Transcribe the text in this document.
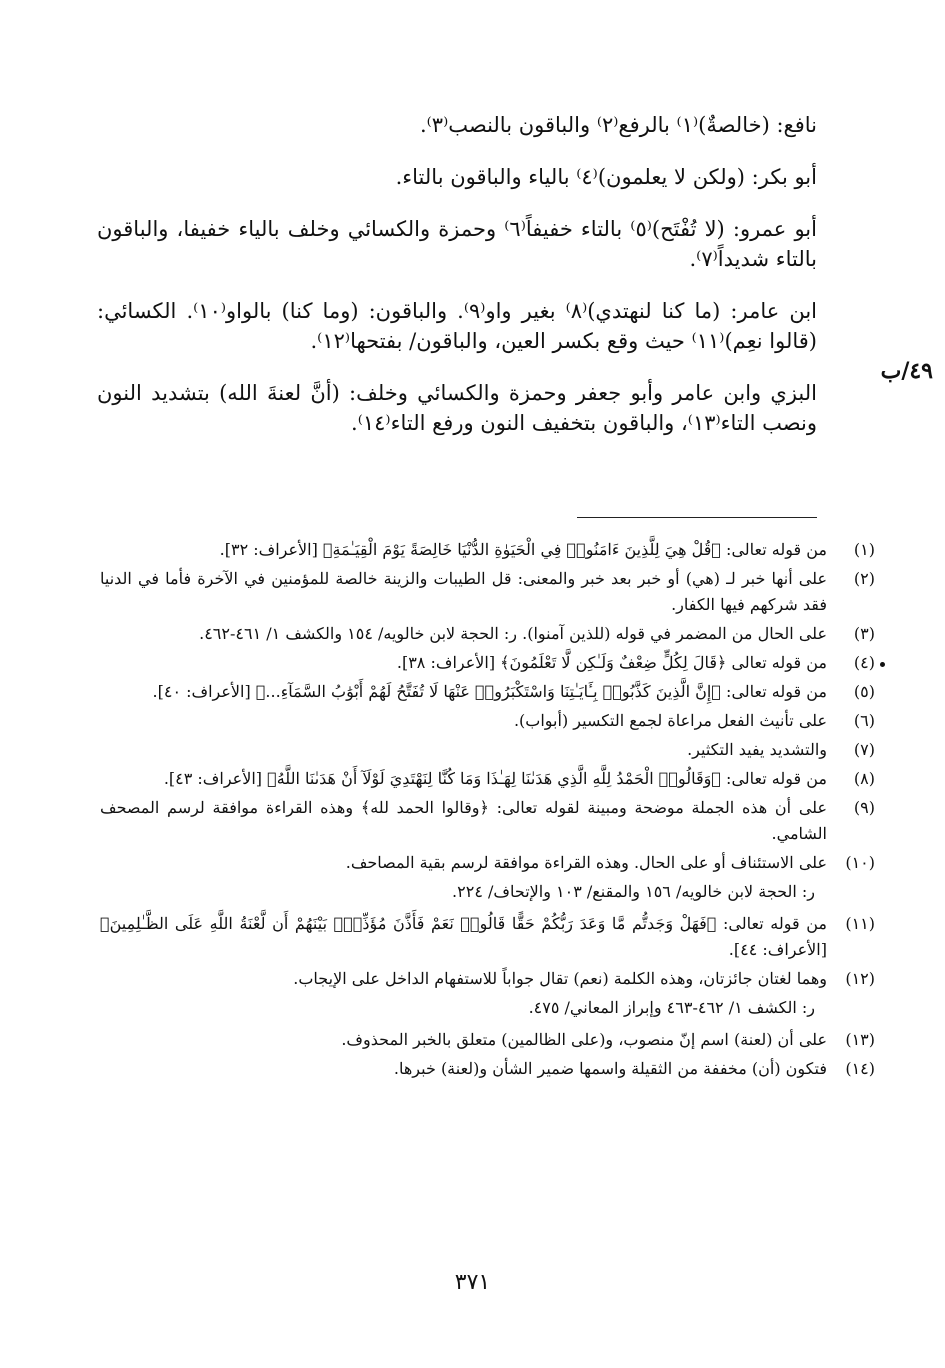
نافع: (خالصةٌ)⁽١⁾ بالرفع⁽٢⁾ والباقون بالنصب⁽٣⁾.

أبو بكر: (ولكن لا يعلمون)⁽٤⁾ بالياء والباقون بالتاء.

أبو عمرو: (لا تُفْتَح)⁽٥⁾ بالتاء خفيفاً⁽٦⁾ وحمزة والكسائي وخلف بالياء خفيفا، والباقون بالتاء شديداً⁽٧⁾.

ابن عامر: (ما كنا لنهتدي)⁽٨⁾ بغير واو⁽٩⁾. والباقون: (وما كنا) بالواو⁽١٠⁾. الكسائي: (قالوا نعِم)⁽١١⁾ حيث وقع بكسر العين، والباقون/ بفتحها⁽١٢⁾.

البزي وابن عامر وأبو جعفر وحمزة والكسائي وخلف: (أنَّ لعنةَ الله) بتشديد النون ونصب التاء⁽١٣⁾، والباقون بتخفيف النون ورفع التاء⁽١٤⁾.

٤٩/ب
(١)
من قوله تعالى: ﴿قُلْ هِيَ لِلَّذِينَ ءَامَنُوا۟ فِي الْحَيَوٰةِ الدُّنْيَا خَالِصَةً يَوْمَ الْقِيَـٰمَةِ﴾ [الأعراف: ٣٢].
(٢)
على أنها خبر لـ (هي) أو خبر بعد خبر والمعنى: قل الطيبات والزينة خالصة للمؤمنين في الآخرة فأما في الدنيا فقد شركهم فيها الكفار.
(٣)
على الحال من المضمر في قوله (للذين آمنوا). ر: الحجة لابن خالويه/ ١٥٤ والكشف ١/ ٤٦١-٤٦٢.
(٤)
من قوله تعالى ﴿قَالَ لِكُلٍّ ضِعْفٌ وَلَـٰكِن لَّا تَعْلَمُونَ﴾ [الأعراف: ٣٨].
(٥)
من قوله تعالى: ﴿إِنَّ الَّذِينَ كَذَّبُوا۟ بِـَٔايَـٰتِنَا وَاسْتَكْبَرُوا۟ عَنْهَا لَا تُفَتَّحُ لَهُمْ أَبْوَٰبُ السَّمَآءِ...﴾ [الأعراف: ٤٠].
(٦)
على تأنيث الفعل مراعاة لجمع التكسير (أبواب).
(٧)
والتشديد يفيد التكثير.
(٨)
من قوله تعالى: ﴿وَقَالُوا۟ الْحَمْدُ لِلَّهِ الَّذِي هَدَىٰنَا لِهَـٰذَا وَمَا كُنَّا لِنَهْتَدِيَ لَوْلَآ أَنْ هَدَىٰنَا اللَّهُ﴾ [الأعراف: ٤٣].
(٩)
على أن هذه الجملة موضحة ومبينة لقوله تعالى: ﴿وقالوا الحمد لله﴾ وهذه القراءة موافقة لرسم المصحف الشامي.
(١٠)
على الاستئناف أو على الحال. وهذه القراءة موافقة لرسم بقية المصاحف.
ر: الحجة لابن خالويه/ ١٥٦ والمقنع/ ١٠٣ والإتحاف/ ٢٢٤.
(١١)
من قوله تعالى: ﴿فَهَلْ وَجَدتُّم مَّا وَعَدَ رَبُّكُمْ حَقًّا قَالُوا۟ نَعَمْ فَأَذَّنَ مُؤَذِّنٌۢ بَيْنَهُمْ أَن لَّعْنَةُ اللَّهِ عَلَى الظَّـٰلِمِينَ﴾ [الأعراف: ٤٤].
(١٢)
وهما لغتان جائزتان، وهذه الكلمة (نعم) تقال جواباً للاستفهام الداخل على الإيجاب.
ر: الكشف ١/ ٤٦٢-٤٦٣ وإبراز المعاني/ ٤٧٥.
(١٣)
على أن (لعنة) اسم إنّ منصوب، و(على الظالمين) متعلق بالخبر المحذوف.
(١٤)
فتكون (أن) مخففة من الثقيلة واسمها ضمير الشأن و(لعنة) خبرها.
٣٧١
